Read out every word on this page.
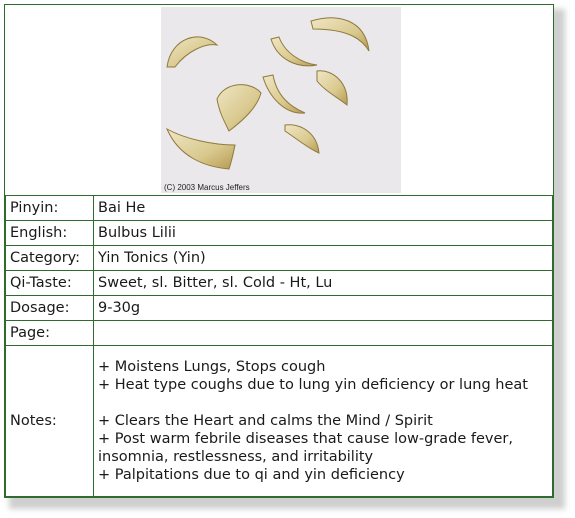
(C) 2003 Marcus Jeffers
Pinyin:	Bai He
English:	Bulbus Lilii
Category:	Yin Tonics (Yin)
Qi-Taste:	Sweet, sl. Bitter, sl. Cold - Ht, Lu
Dosage:	9-30g
Page:	
Notes:	+ Moistens Lungs, Stops cough
+ Heat type coughs due to lung yin deficiency or lung heat
+ Clears the Heart and calms the Mind / Spirit
+ Post warm febrile diseases that cause low-grade fever, insomnia, restlessness, and irritability
+ Palpitations due to qi and yin deficiency
